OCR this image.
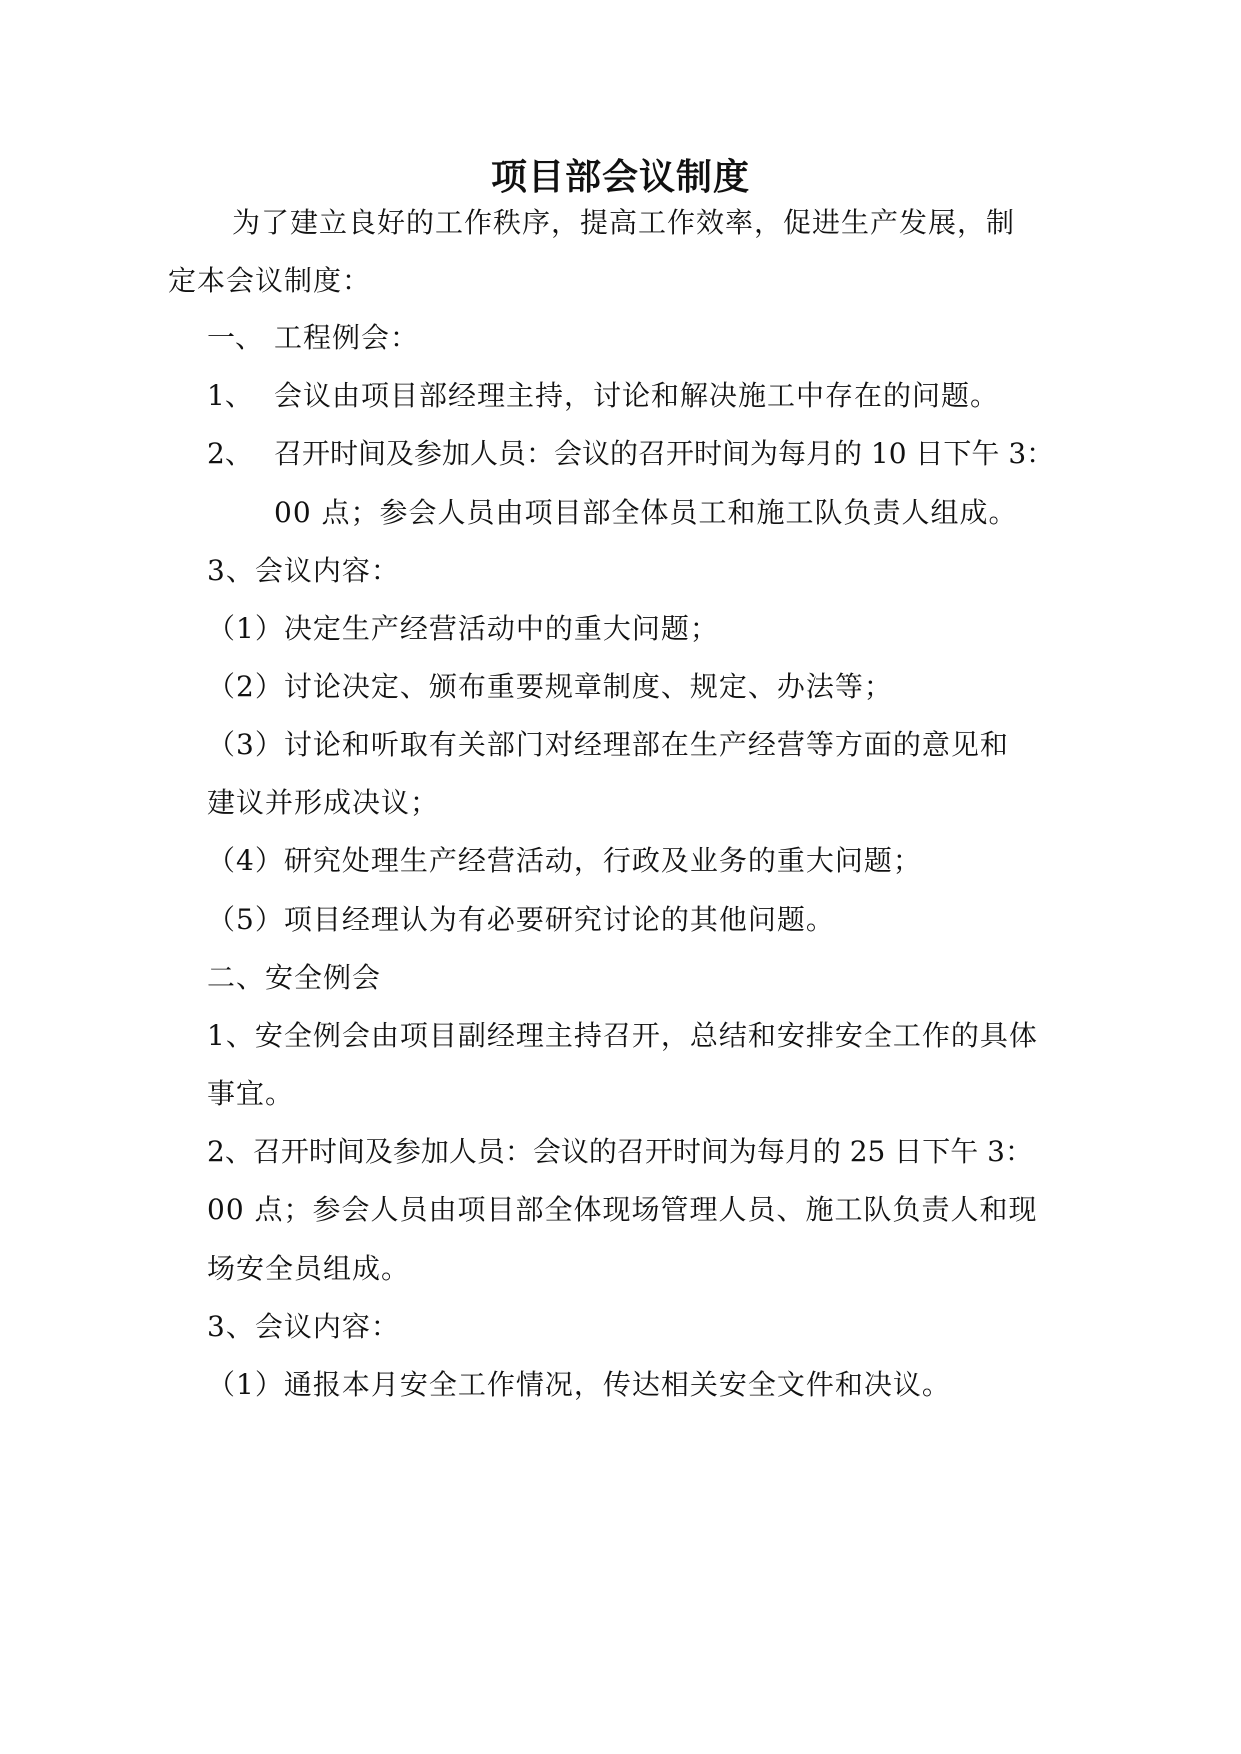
项目部会议制度
为了建立良好的工作秩序，提高工作效率，促进生产发展，制
定本会议制度：
一、 工程例会：
1、 会议由项目部经理主持，讨论和解决施工中存在的问题。
2、 召开时间及参加人员：会议的召开时间为每月的 10 日下午 3：
00 点；参会人员由项目部全体员工和施工队负责人组成。
3、会议内容：
（1）决定生产经营活动中的重大问题；
（2）讨论决定、颁布重要规章制度、规定、办法等；
（3）讨论和听取有关部门对经理部在生产经营等方面的意见和
建议并形成决议；
（4）研究处理生产经营活动，行政及业务的重大问题；
（5）项目经理认为有必要研究讨论的其他问题。
二、安全例会
1、安全例会由项目副经理主持召开，总结和安排安全工作的具体
事宜。
2、召开时间及参加人员：会议的召开时间为每月的 25 日下午 3：
00 点；参会人员由项目部全体现场管理人员、施工队负责人和现
场安全员组成。
3、会议内容：
（1）通报本月安全工作情况，传达相关安全文件和决议。
